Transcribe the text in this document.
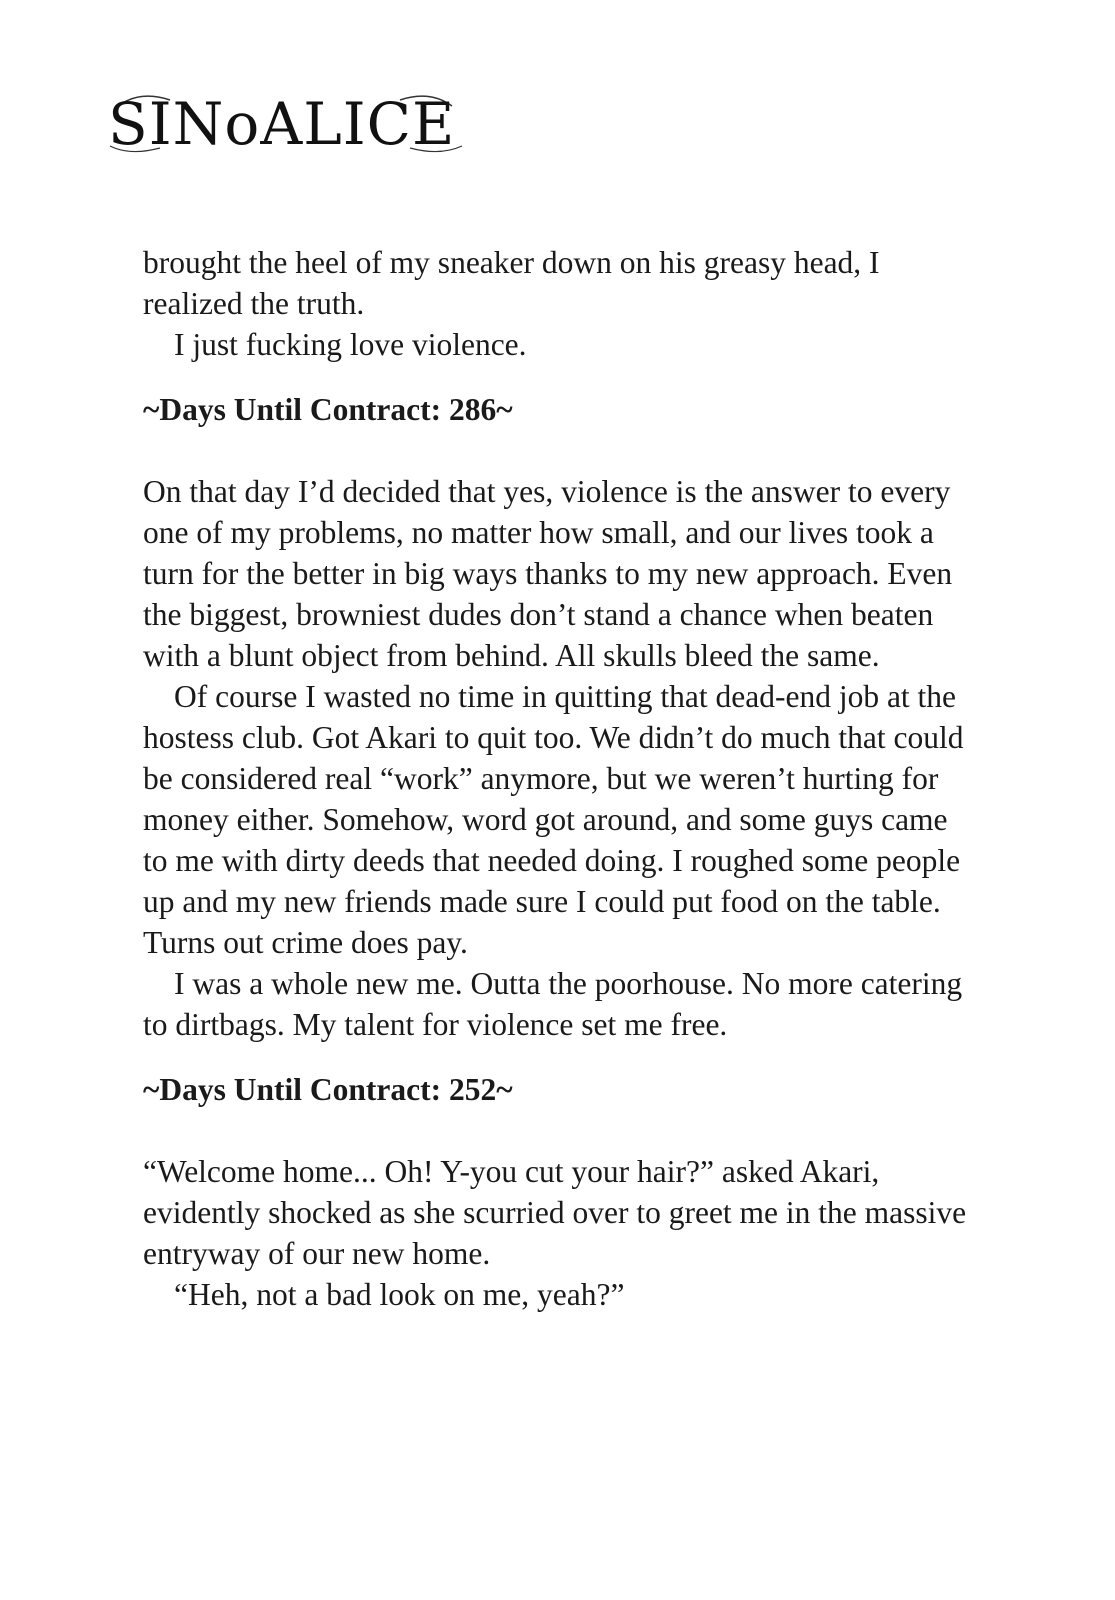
SINoALICE

brought the heel of my sneaker down on his greasy head, I realized the truth.

I just fucking love violence.

~Days Until Contract: 286~

On that day I’d decided that yes, violence is the answer to every one of my problems, no matter how small, and our lives took a turn for the better in big ways thanks to my new approach. Even the biggest, browniest dudes don’t stand a chance when beaten with a blunt object from behind. All skulls bleed the same.

Of course I wasted no time in quitting that dead-end job at the hostess club. Got Akari to quit too. We didn’t do much that could be considered real “work” anymore, but we weren’t hurting for money either. Somehow, word got around, and some guys came to me with dirty deeds that needed doing. I roughed some people up and my new friends made sure I could put food on the table. Turns out crime does pay.

I was a whole new me. Outta the poorhouse. No more catering to dirtbags. My talent for violence set me free.

~Days Until Contract: 252~

“Welcome home... Oh! Y-you cut your hair?” asked Akari, evidently shocked as she scurried over to greet me in the massive entryway of our new home.

“Heh, not a bad look on me, yeah?”
